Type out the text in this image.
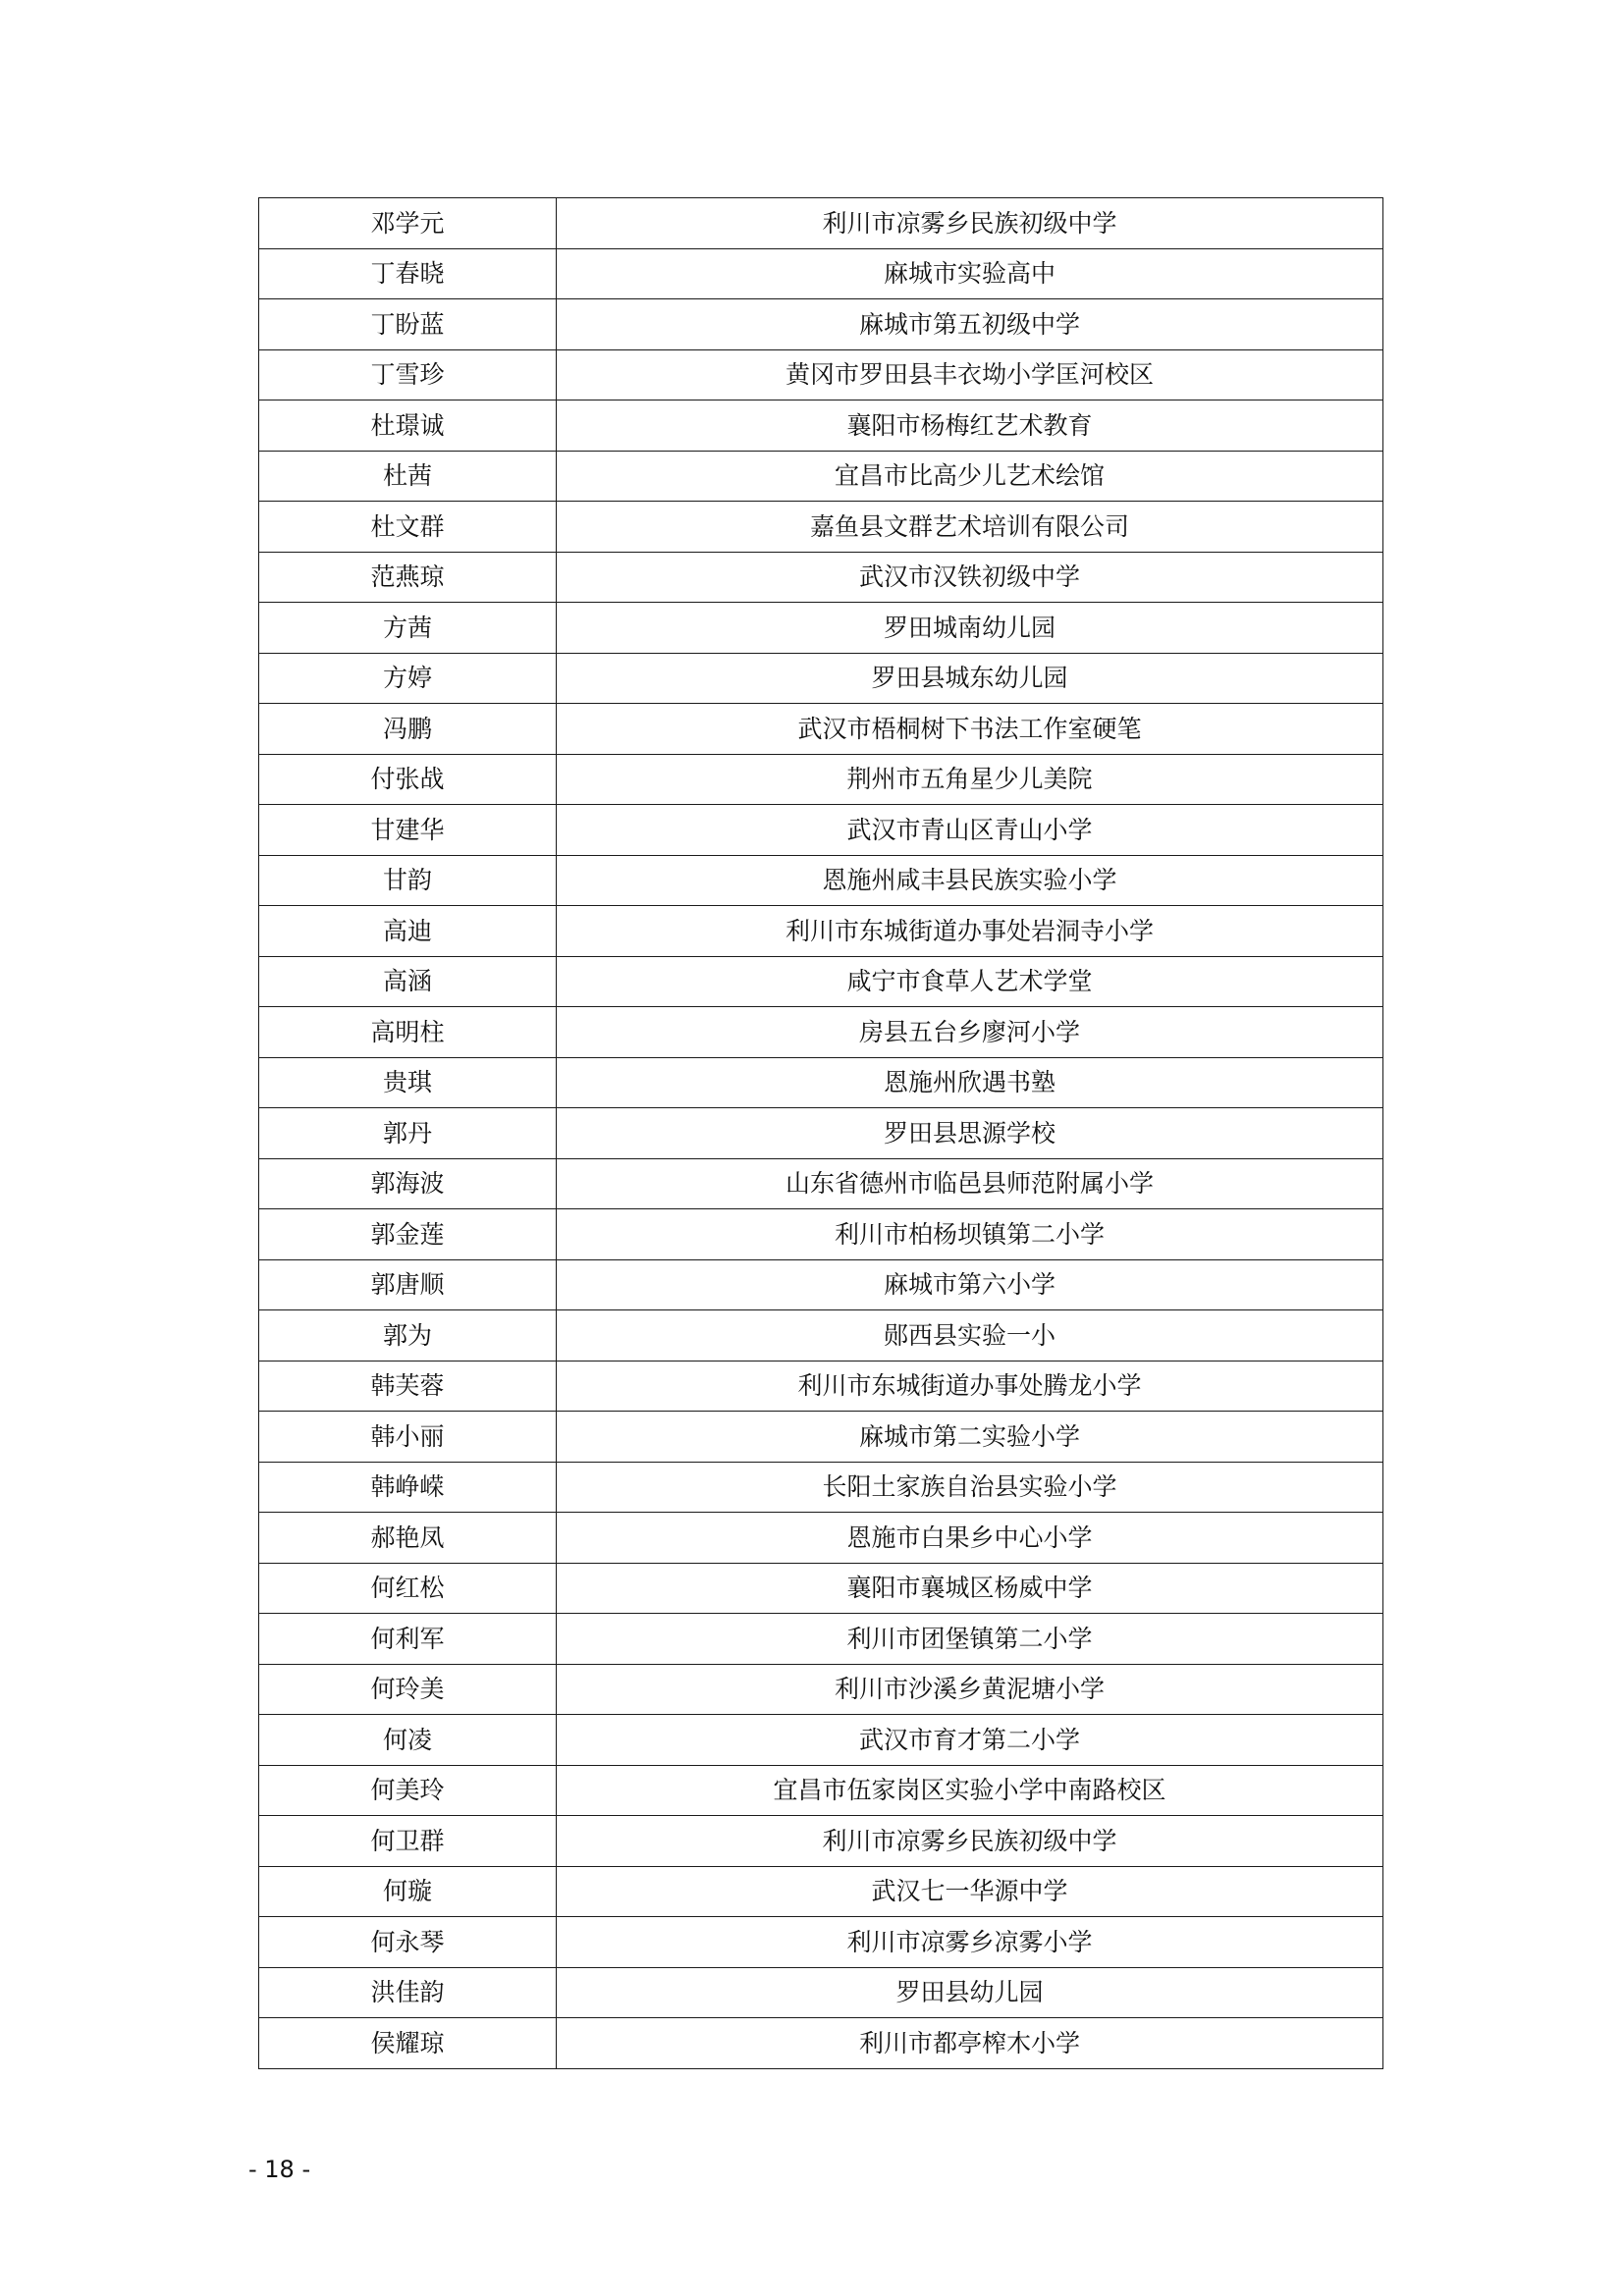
邓学元	利川市凉雾乡民族初级中学
丁春晓	麻城市实验高中
丁盼蓝	麻城市第五初级中学
丁雪珍	黄冈市罗田县丰衣坳小学匡河校区
杜璟诚	襄阳市杨梅红艺术教育
杜茜	宜昌市比高少儿艺术绘馆
杜文群	嘉鱼县文群艺术培训有限公司
范燕琼	武汉市汉铁初级中学
方茜	罗田城南幼儿园
方婷	罗田县城东幼儿园
冯鹏	武汉市梧桐树下书法工作室硬笔
付张战	荆州市五角星少儿美院
甘建华	武汉市青山区青山小学
甘韵	恩施州咸丰县民族实验小学
高迪	利川市东城街道办事处岩洞寺小学
高涵	咸宁市食草人艺术学堂
高明柱	房县五台乡廖河小学
贵琪	恩施州欣遇书塾
郭丹	罗田县思源学校
郭海波	山东省德州市临邑县师范附属小学
郭金莲	利川市柏杨坝镇第二小学
郭唐顺	麻城市第六小学
郭为	郧西县实验一小
韩芙蓉	利川市东城街道办事处腾龙小学
韩小丽	麻城市第二实验小学
韩峥嵘	长阳土家族自治县实验小学
郝艳凤	恩施市白果乡中心小学
何红松	襄阳市襄城区杨威中学
何利军	利川市团堡镇第二小学
何玲美	利川市沙溪乡黄泥塘小学
何凌	武汉市育才第二小学
何美玲	宜昌市伍家岗区实验小学中南路校区
何卫群	利川市凉雾乡民族初级中学
何璇	武汉七一华源中学
何永琴	利川市凉雾乡凉雾小学
洪佳韵	罗田县幼儿园
侯耀琼	利川市都亭榨木小学
- 18 -
